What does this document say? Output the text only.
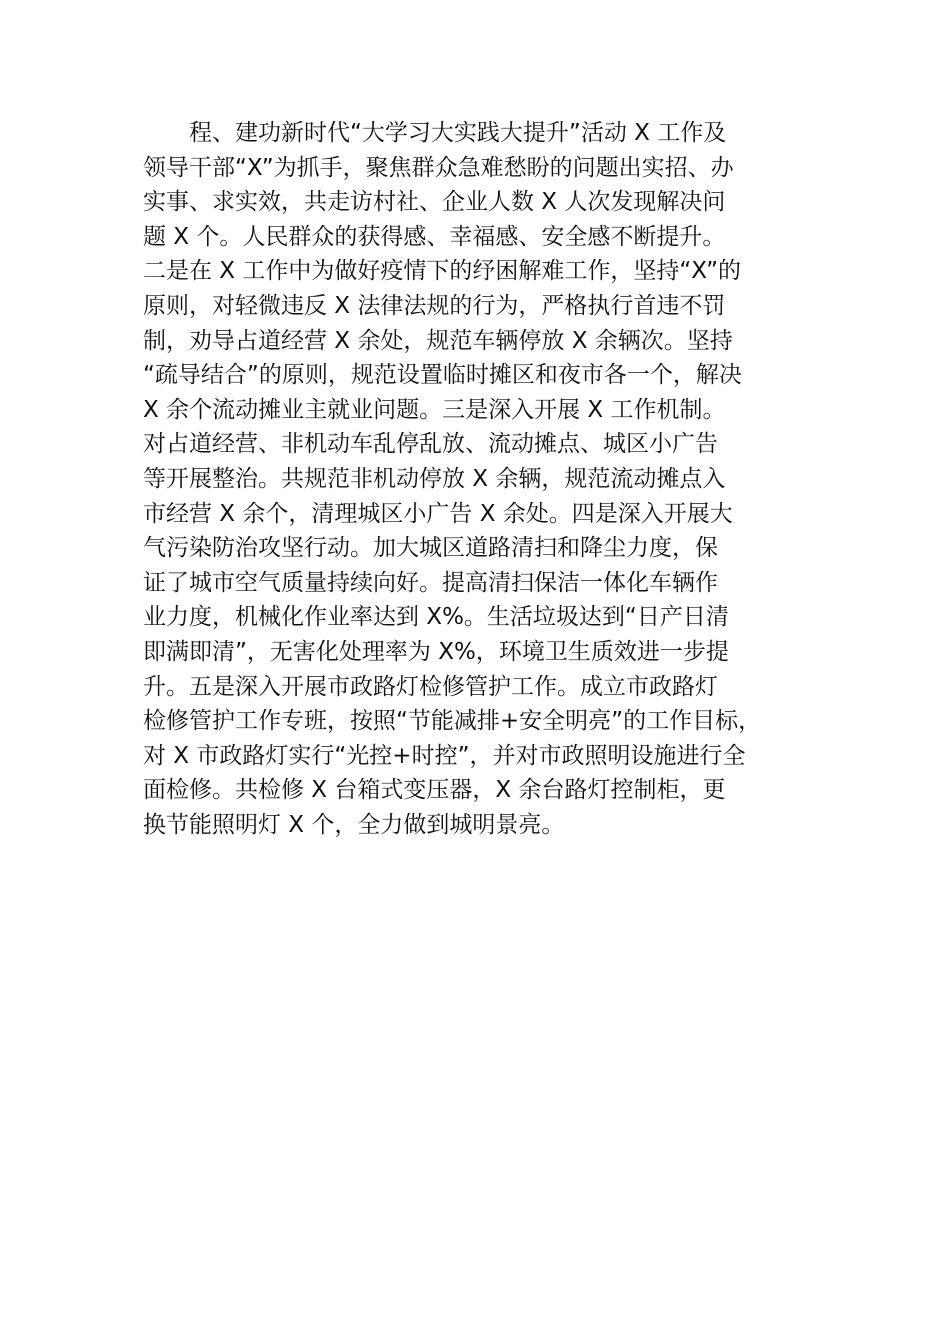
程、建功新时代“大学习大实践大提升”活动 X 工作及
领导干部“X”为抓手，聚焦群众急难愁盼的问题出实招、办
实事、求实效，共走访村社、企业人数 X 人次发现解决问
题 X 个。人民群众的获得感、幸福感、安全感不断提升。
二是在 X 工作中为做好疫情下的纾困解难工作，坚持“X”的
原则，对轻微违反 X 法律法规的行为，严格执行首违不罚
制，劝导占道经营 X 余处，规范车辆停放 X 余辆次。坚持
“疏导结合”的原则，规范设置临时摊区和夜市各一个，解决
X 余个流动摊业主就业问题。三是深入开展 X 工作机制。
对占道经营、非机动车乱停乱放、流动摊点、城区小广告
等开展整治。共规范非机动停放 X 余辆，规范流动摊点入
市经营 X 余个，清理城区小广告 X 余处。四是深入开展大
气污染防治攻坚行动。加大城区道路清扫和降尘力度，保
证了城市空气质量持续向好。提高清扫保洁一体化车辆作
业力度，机械化作业率达到 X%。生活垃圾达到“日产日清
即满即清”，无害化处理率为 X%，环境卫生质效进一步提
升。五是深入开展市政路灯检修管护工作。成立市政路灯
检修管护工作专班，按照“节能减排+安全明亮”的工作目标，
对 X 市政路灯实行“光控+时控”，并对市政照明设施进行全
面检修。共检修 X 台箱式变压器，X 余台路灯控制柜，更
换节能照明灯 X 个，全力做到城明景亮。
